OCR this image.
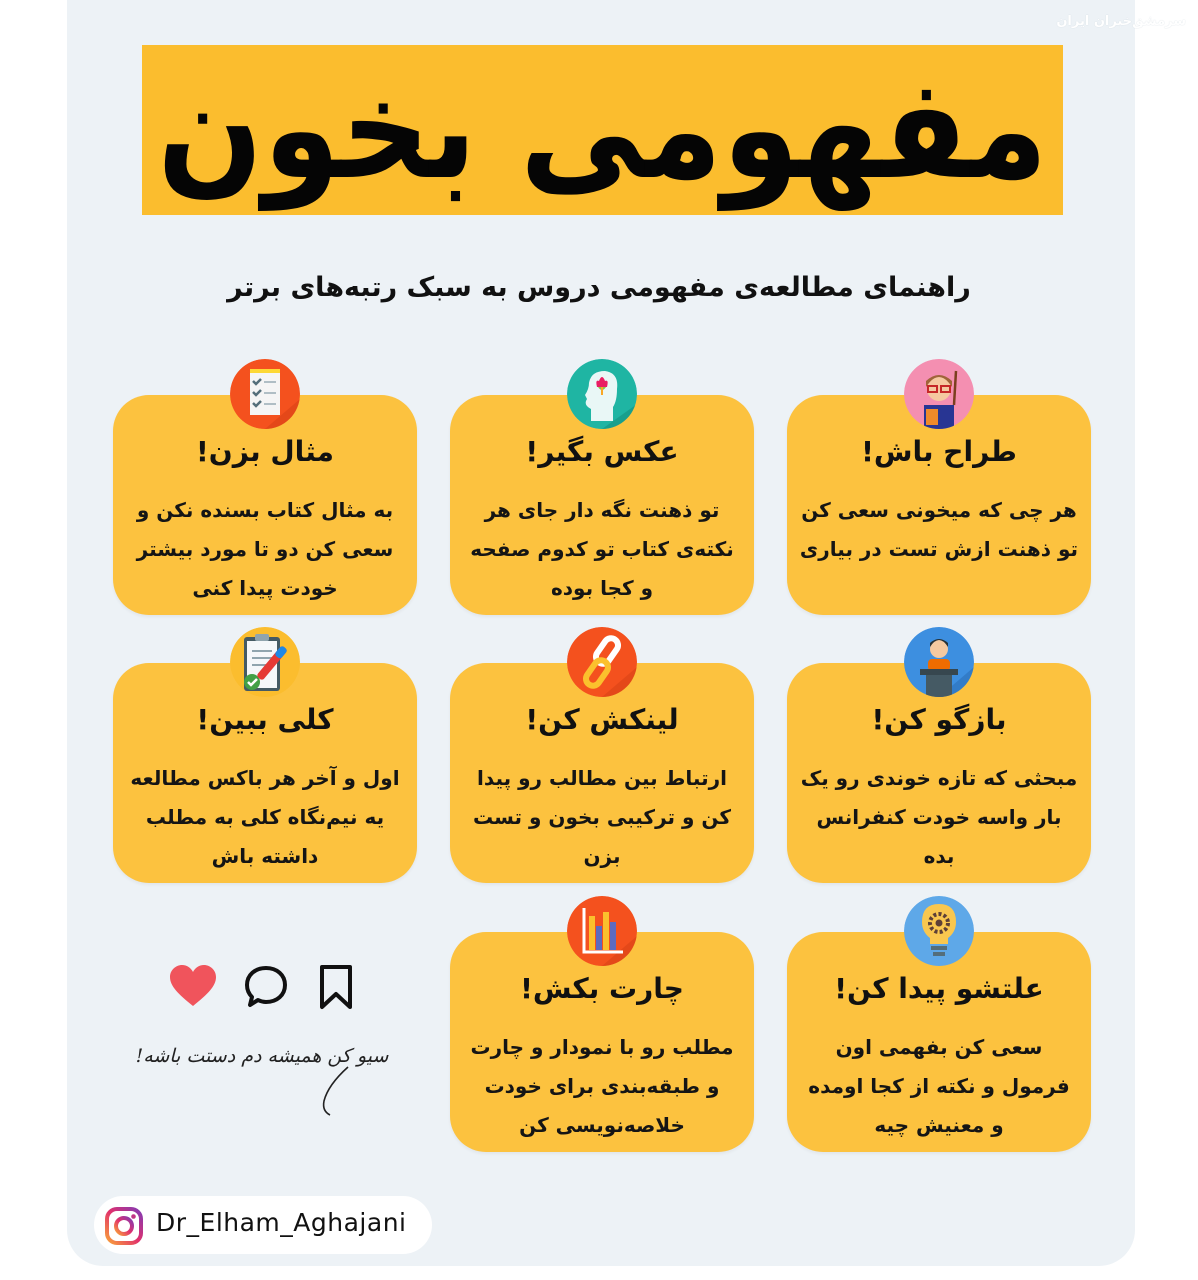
سرمشق‌خبران ایران
مفهومی بخون
راهنمای مطالعه‌ی مفهومی دروس به سبک رتبه‌های برتر
طراح باش!
هر چی که میخونی سعی کن تو ذهنت ازش تست در بیاری
عکس بگیر!
تو ذهنت نگه دار جای هر نکته‌ی کتاب تو کدوم صفحه و کجا بوده
مثال بزن!
به مثال کتاب بسنده نکن و سعی کن دو تا مورد بیشتر خودت پیدا کنی
بازگو کن!
مبحثی که تازه خوندی رو یک بار واسه خودت کنفرانس بده
لینکش کن!
ارتباط بین مطالب رو پیدا کن و ترکیبی بخون و تست بزن
کلی ببین!
اول و آخر هر باکس مطالعه یه نیم‌نگاه کلی به مطلب داشته باش
علتشو پیدا کن!
سعی کن بفهمی اون فرمول و نکته از کجا اومده و معنیش چیه
چارت بکش!
مطلب رو با نمودار و چارت و طبقه‌بندی برای خودت خلاصه‌نویسی کن
سیو کن همیشه دم دستت باشه!
Dr_Elham_Aghajani
